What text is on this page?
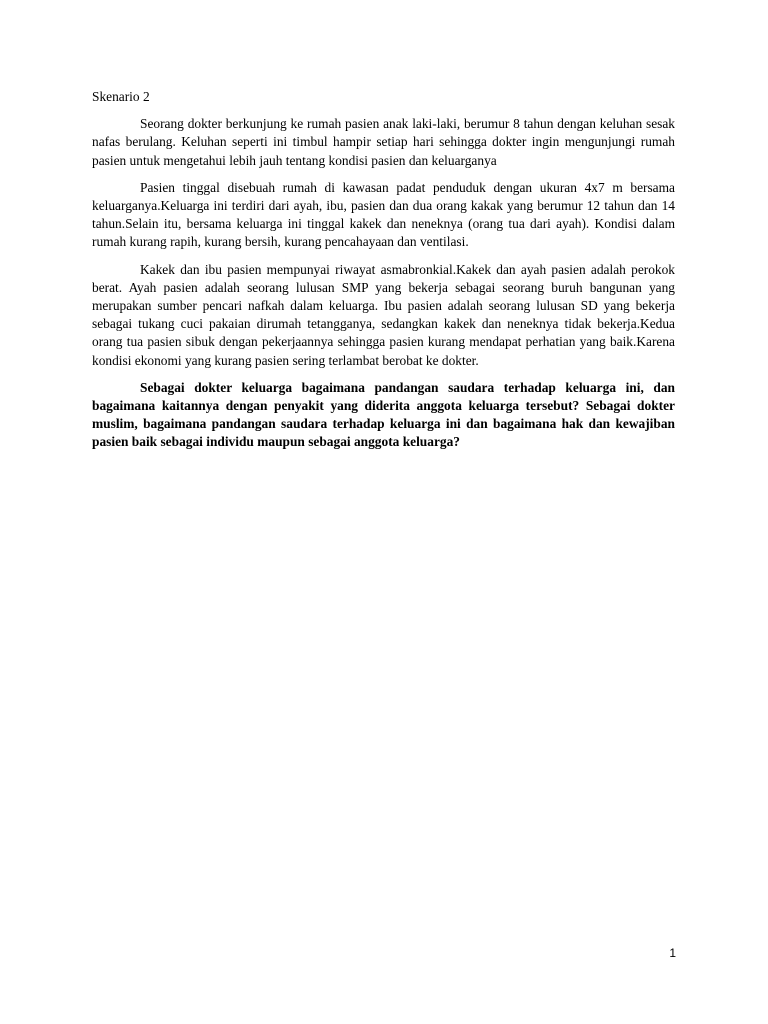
Skenario 2

Seorang dokter berkunjung ke rumah pasien anak laki-laki, berumur 8 tahun dengan keluhan sesak nafas berulang. Keluhan seperti ini timbul hampir setiap hari sehingga dokter ingin mengunjungi rumah pasien untuk mengetahui lebih jauh tentang kondisi pasien dan keluarganya

Pasien tinggal disebuah rumah di kawasan padat penduduk dengan ukuran 4x7 m bersama keluarganya.Keluarga ini terdiri dari ayah, ibu, pasien dan dua orang kakak yang berumur 12 tahun dan 14 tahun.Selain itu, bersama keluarga ini tinggal kakek dan neneknya (orang tua dari ayah). Kondisi dalam rumah kurang rapih, kurang bersih, kurang pencahayaan dan ventilasi.

Kakek dan ibu pasien mempunyai riwayat asmabronkial.Kakek dan ayah pasien adalah perokok berat. Ayah pasien adalah seorang lulusan SMP yang bekerja sebagai seorang buruh bangunan yang merupakan sumber pencari nafkah dalam keluarga. Ibu pasien adalah seorang lulusan SD yang bekerja sebagai tukang cuci pakaian dirumah tetangganya, sedangkan kakek dan neneknya tidak bekerja.Kedua orang tua pasien sibuk dengan pekerjaannya sehingga pasien kurang mendapat perhatian yang baik.Karena kondisi ekonomi yang kurang pasien sering terlambat berobat ke dokter.

Sebagai dokter keluarga bagaimana pandangan saudara terhadap keluarga ini, dan bagaimana kaitannya dengan penyakit yang diderita anggota keluarga tersebut? Sebagai dokter muslim, bagaimana pandangan saudara terhadap keluarga ini dan bagaimana hak dan kewajiban pasien baik sebagai individu maupun sebagai anggota keluarga?

1
